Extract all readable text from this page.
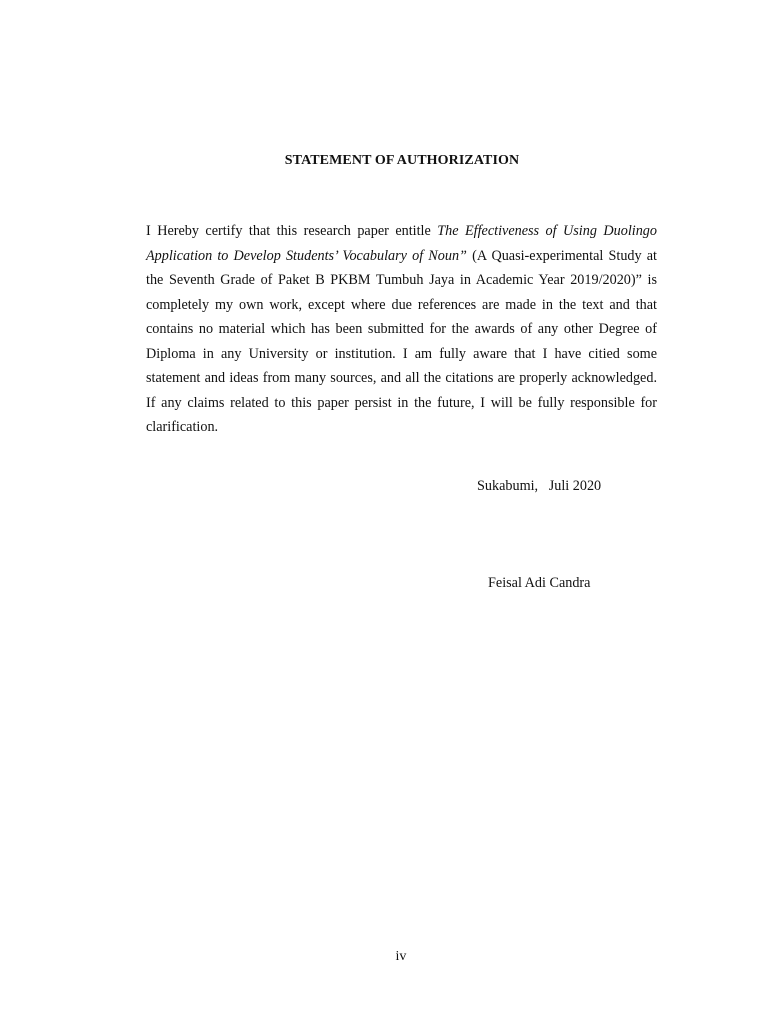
STATEMENT OF AUTHORIZATION

I Hereby certify that this research paper entitle The Effectiveness of Using Duolingo Application to Develop Students’ Vocabulary of Noun” (A Quasi-experimental Study at the Seventh Grade of Paket B PKBM Tumbuh Jaya in Academic Year 2019/2020)” is completely my own work, except where due references are made in the text and that contains no material which has been submitted for the awards of any other Degree of Diploma in any University or institution. I am fully aware that I have citied some statement and ideas from many sources, and all the citations are properly acknowledged. If any claims related to this paper persist in the future, I will be fully responsible for clarification.

Sukabumi,   Juli 2020
Feisal Adi Candra
iv
